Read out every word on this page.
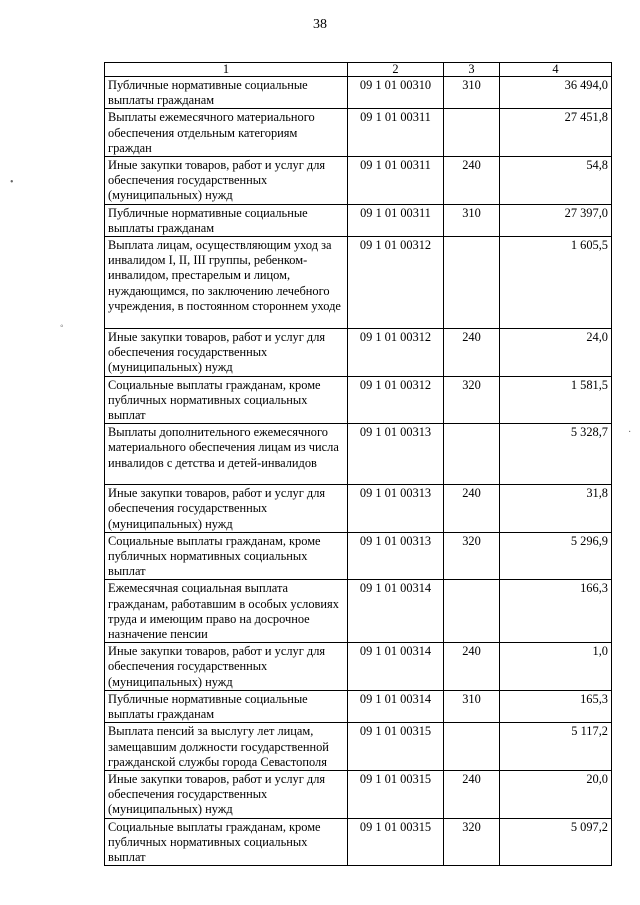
38
1	2	3	4
Публичные нормативные социальные выплаты гражданам	09 1 01 00310	310	36 494,0
Выплаты ежемесячного материального обеспечения отдельным категориям граждан	09 1 01 00311		27 451,8
Иные закупки товаров, работ и услуг для обеспечения государственных (муниципальных) нужд	09 1 01 00311	240	54,8
Публичные нормативные социальные выплаты гражданам	09 1 01 00311	310	27 397,0
Выплата лицам, осуществляющим уход за инвалидом I, II, III группы, ребенком-инвалидом, престарелым и лицом, нуждающимся, по заключению лечебного учреждения, в постоянном стороннем уходе	09 1 01 00312		1 605,5
Иные закупки товаров, работ и услуг для обеспечения государственных (муниципальных) нужд	09 1 01 00312	240	24,0
Социальные выплаты гражданам, кроме публичных нормативных социальных выплат	09 1 01 00312	320	1 581,5
Выплаты дополнительного ежемесячного материального обеспечения лицам из числа инвалидов с детства и детей-инвалидов	09 1 01 00313		5 328,7
Иные закупки товаров, работ и услуг для обеспечения государственных (муниципальных) нужд	09 1 01 00313	240	31,8
Социальные выплаты гражданам, кроме публичных нормативных социальных выплат	09 1 01 00313	320	5 296,9
Ежемесячная социальная выплата гражданам, работавшим в особых условиях труда и имеющим право на досрочное назначение пенсии	09 1 01 00314		166,3
Иные закупки товаров, работ и услуг для обеспечения государственных (муниципальных) нужд	09 1 01 00314	240	1,0
Публичные нормативные социальные выплаты гражданам	09 1 01 00314	310	165,3
Выплата пенсий за выслугу лет лицам, замещавшим должности государственной гражданской службы города Севастополя	09 1 01 00315		5 117,2
Иные закупки товаров, работ и услуг для обеспечения государственных (муниципальных) нужд	09 1 01 00315	240	20,0
Социальные выплаты гражданам, кроме публичных нормативных социальных выплат	09 1 01 00315	320	5 097,2
•
◦
·
